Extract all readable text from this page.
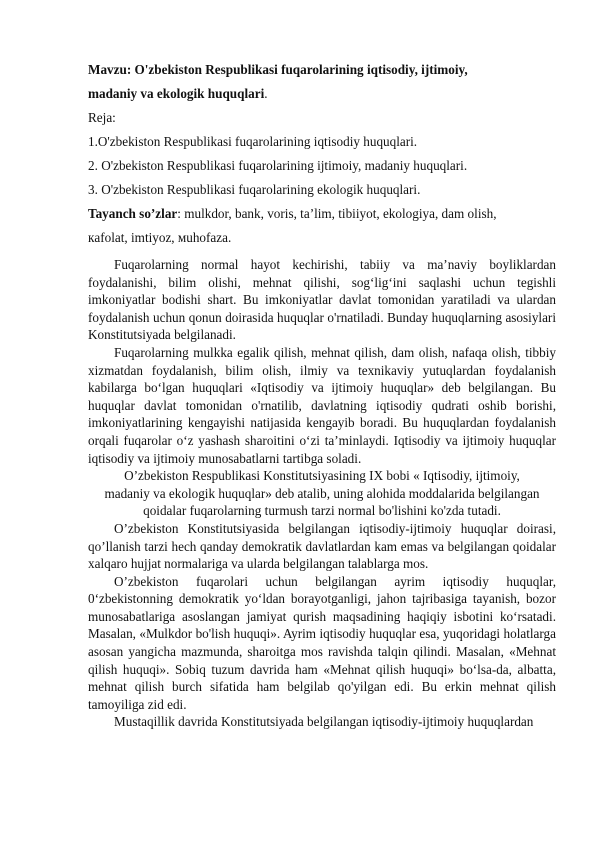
Mavzu: O'zbekiston Respublikasi fuqarolarining iqtisodiy, ijtimoiy,

madaniy va ekologik huquqlari.

Reja:

1.O'zbekiston Respublikasi fuqarolarining iqtisodiy huquqlari.

2. O'zbekiston Respublikasi fuqarolarining ijtimoiy, madaniy huquqlari.

3. O'zbekiston Respublikasi fuqarolarining ekologik huquqlari.

Tayanch so’zlar: mulkdor, bank, voris, ta’lim, tibiiyot, ekologiya, dam olish,

кafolat, imtiyoz, мuhofaza.

Fuqarolarning normal hayot kechirishi, tabiiy va ma’naviy boyliklardan foydalanishi, bilim olishi, mehnat qilishi, sog‘lig‘ini saqlashi uchun tegishli imkoniyatlar bodishi shart. Bu imkoniyatlar davlat tomonidan yaratiladi va ulardan foydalanish uchun qonun doirasida huquqlar o'rnatiladi. Bunday huquqlarning asosiylari Konstitutsiyada belgilanadi.

Fuqarolarning mulkka egalik qilish, mehnat qilish, dam olish, nafaqa olish, tibbiy xizmatdan foydalanish, bilim olish, ilmiy va texnikaviy yutuqlardan foydalanish kabilarga bo‘lgan huquqlari «Iqtisodiy va ijtimoiy huquqlar» deb belgilangan. Bu huquqlar davlat tomonidan o'rnatilib, davlatning iqtisodiy qudrati oshib borishi, imkoniyatlarining kengayishi natijasida kengayib boradi. Bu huquqlardan foydalanish orqali fuqarolar o‘z yashash sharoitini o‘zi ta’minlaydi. Iqtisodiy va ijtimoiy huquqlar iqtisodiy va ijtimoiy munosabatlarni tartibga soladi.

O’zbekiston Respublikasi Konstitutsiyasining IX bobi « Iqtisodiy, ijtimoiy,

madaniy va ekologik huquqlar» deb atalib, uning alohida moddalarida belgilangan

qoidalar fuqarolarning turmush tarzi normal bo'lishini ko'zda tutadi.

O’zbekiston Konstitutsiyasida belgilangan iqtisodiy-ijtimoiy huquqlar doirasi, qo’llanish tarzi hech qanday demokratik davlatlardan kam emas va belgilangan qoidalar xalqaro hujjat normalariga va ularda belgilangan talablarga mos.

O’zbekiston fuqarolari uchun belgilangan ayrim iqtisodiy huquqlar, 0‘zbekistonning demokratik yo‘ldan borayotganligi, jahon tajribasiga tayanish, bozor munosabatlariga asoslangan jamiyat qurish maqsadining haqiqiy isbotini ko‘rsatadi. Masalan, «Mulkdor bo'lish huquqi». Ayrim iqtisodiy huquqlar esa, yuqoridagi holatlarga asosan yangicha mazmunda, sharoitga mos ravishda talqin qilindi. Masalan, «Mehnat qilish huquqi». Sobiq tuzum davrida ham «Mehnat qilish huquqi» bo‘lsa-da, albatta, mehnat qilish burch sifatida ham belgilab qo'yilgan edi. Bu erkin mehnat qilish tamoyiliga zid edi.

Mustaqillik davrida Konstitutsiyada belgilangan iqtisodiy-ijtimoiy huquqlardan
